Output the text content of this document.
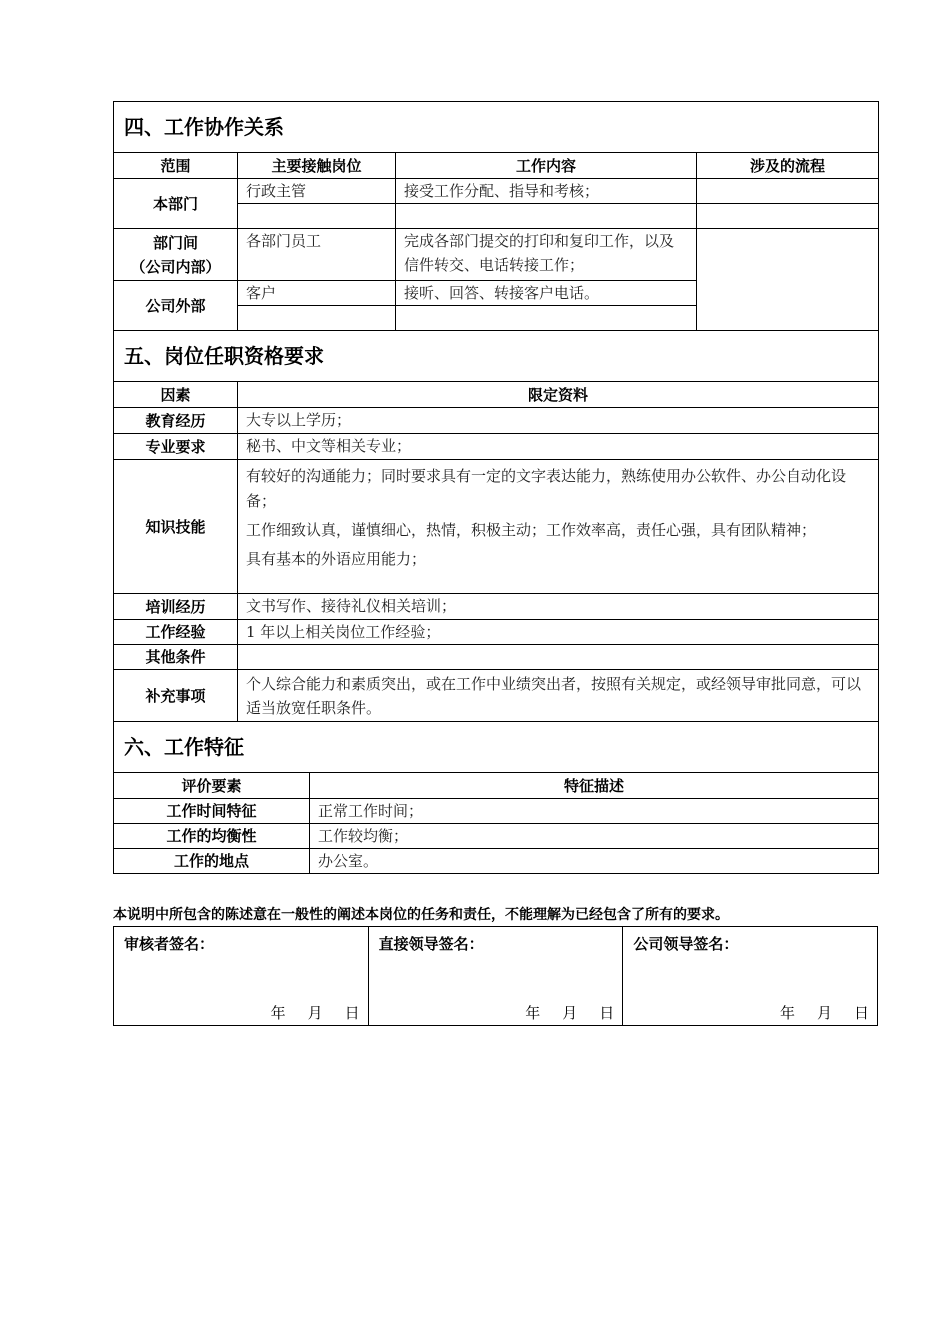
四、工作协作关系			
范围	主要接触岗位	工作内容	涉及的流程
本部门	行政主管	接受工作分配、指导和考核；	

部门间
（公司内部）	各部门员工	完成各部门提交的打印和复印工作，以及信件转交、电话转接工作；	
公司外部	客户	接听、回答、转接客户电话。	

五、岗位任职资格要求			
因素	限定资料		
教育经历	大专以上学历；		
专业要求	秘书、中文等相关专业；		
知识技能	有较好的沟通能力；同时要求具有一定的文字表达能力，熟练使用办公软件、办公自动化设备；
工作细致认真，谨慎细心，热情，积极主动；工作效率高，责任心强，具有团队精神；
具有基本的外语应用能力；		

培训经历	文书写作、接待礼仪相关培训；		
工作经验	1 年以上相关岗位工作经验；		
其他条件			
补充事项	个人综合能力和素质突出，或在工作中业绩突出者，按照有关规定，或经领导审批同意，可以适当放宽任职条件。		
六、工作特征	
评价要素	特征描述
工作时间特征	正常工作时间；
工作的均衡性	工作较均衡；
工作的地点	办公室。
本说明中所包含的陈述意在一般性的阐述本岗位的任务和责任，不能理解为已经包含了所有的要求。
审核者签名：
年 月 日

直接领导签名：
年 月 日

公司领导签名：
年 月 日
